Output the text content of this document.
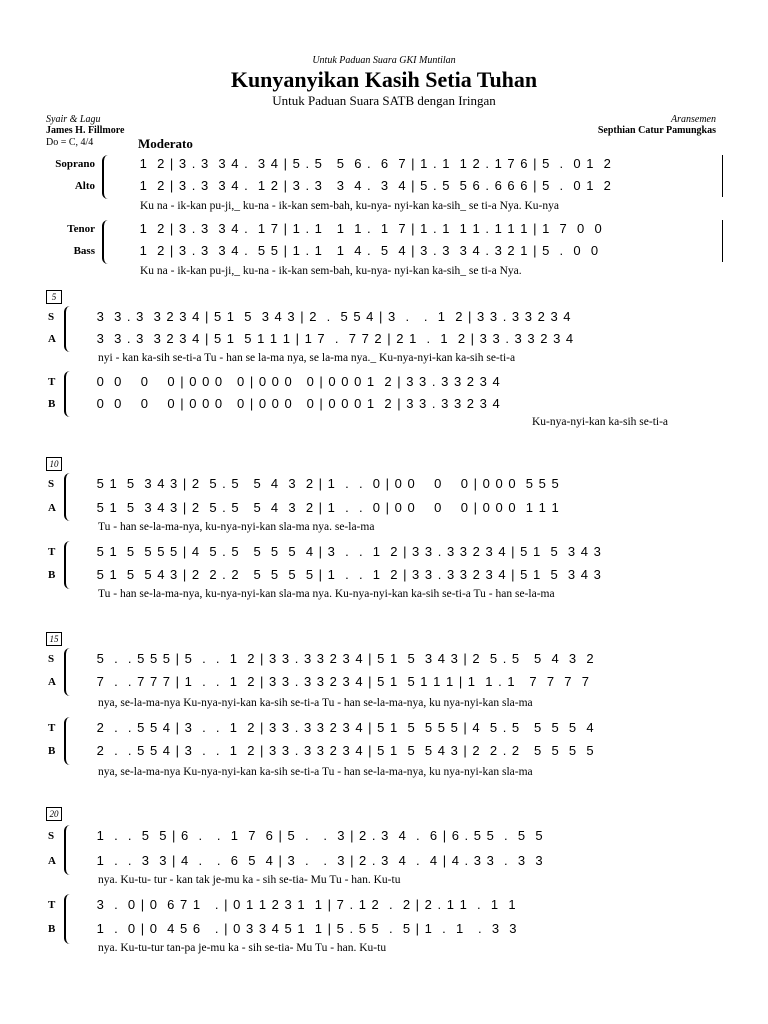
Untuk Paduan Suara GKI Muntilan
Kunyanyikan Kasih Setia Tuhan
Untuk Paduan Suara SATB dengan Iringan
Syair & Lagu
James H. Fillmore
Do = C, 4/4
Aransemen
Septhian Catur Pamungkas
Moderato
Soprano
Alto
1  2 | 3 . 3  3 4 .  3 4 | 5 . 5   5  6 .  6  7 | 1 . 1  1 2 . 1 7 6 | 5  .  0 1  2
1  2 | 3 . 3  3 4 .  1 2 | 3 . 3   3  4 .  3  4 | 5 . 5  5 6 . 6 6 6 | 5  .  0 1  2
Ku na - ik-kan pu-ji,_ ku-na - ik-kan sem-bah, ku-nya- nyi-kan ka-sih_ se ti-a Nya. Ku-nya
Tenor
Bass
1  2 | 3 . 3  3 4 .  1 7 | 1 . 1   1  1 .  1  7 | 1 . 1  1 1 . 1 1 1 | 1  7  0  0
1  2 | 3 . 3  3 4 .  5 5 | 1 . 1   1  4 .  5  4 | 3 . 3  3 4 . 3 2 1 | 5  .  0  0
Ku na - ik-kan pu-ji,_ ku-na - ik-kan sem-bah, ku-nya- nyi-kan ka-sih_ se ti-a Nya.
5
S
A
3  3 . 3  3 2 3 4 | 5 1  5  3 4 3 | 2  .  5 5 4 | 3  .   .  1  2 | 3 3 . 3 3 2 3 4
3  3 . 3  3 2 3 4 | 5 1  5 1 1 1 | 1 7  .  7 7 2 | 2 1  .  1  2 | 3 3 . 3 3 2 3 4
nyi - kan ka-sih se-ti-a Tu - han se la-ma nya, se la-ma nya._ Ku-nya-nyi-kan ka-sih se-ti-a
T
B
0  0    0    0 | 0 0 0   0 | 0 0 0   0 | 0 0 0 1  2 | 3 3 . 3 3 2 3 4
0  0    0    0 | 0 0 0   0 | 0 0 0   0 | 0 0 0 1  2 | 3 3 . 3 3 2 3 4
Ku-nya-nyi-kan ka-sih se-ti-a
10
S
A
5 1  5  3 4 3 | 2  5 . 5   5  4  3  2 | 1  .  .  0 | 0 0    0    0 | 0 0 0  5 5 5
5 1  5  3 4 3 | 2  5 . 5   5  4  3  2 | 1  .  .  0 | 0 0    0    0 | 0 0 0  1 1 1
Tu - han se-la-ma-nya, ku-nya-nyi-kan sla-ma nya. se-la-ma
T
B
5 1  5  5 5 5 | 4  5 . 5   5  5  5  4 | 3  .  .  1  2 | 3 3 . 3 3 2 3 4 | 5 1  5  3 4 3
5 1  5  5 4 3 | 2  2 . 2   5  5  5  5 | 1  .  .  1  2 | 3 3 . 3 3 2 3 4 | 5 1  5  3 4 3
Tu - han se-la-ma-nya, ku-nya-nyi-kan sla-ma nya. Ku-nya-nyi-kan ka-sih se-ti-a Tu - han se-la-ma
15
S
A
5  .  . 5 5 5 | 5  .  .  1  2 | 3 3 . 3 3 2 3 4 | 5 1  5  3 4 3 | 2  5 . 5   5  4  3  2
7  .  . 7 7 7 | 1  .  .  1  2 | 3 3 . 3 3 2 3 4 | 5 1  5 1 1 1 | 1  1 . 1   7  7  7  7
nya, se-la-ma-nya Ku-nya-nyi-kan ka-sih se-ti-a Tu - han se-la-ma-nya, ku nya-nyi-kan sla-ma
T
B
2  .  . 5 5 4 | 3  .  .  1  2 | 3 3 . 3 3 2 3 4 | 5 1  5  5 5 5 | 4  5 . 5   5  5  5  4
2  .  . 5 5 4 | 3  .  .  1  2 | 3 3 . 3 3 2 3 4 | 5 1  5  5 4 3 | 2  2 . 2   5  5  5  5
nya, se-la-ma-nya Ku-nya-nyi-kan ka-sih se-ti-a Tu - han se-la-ma-nya, ku nya-nyi-kan sla-ma
20
S
A
1  .  .  5  5 | 6  .   .  1  7  6 | 5  .   .  3 | 2 . 3  4  .  6 | 6 . 5 5  .  5  5
1  .  .  3  3 | 4  .   .  6  5  4 | 3  .   .  3 | 2 . 3  4  .  4 | 4 . 3 3  .  3  3
nya. Ku-tu- tur - kan tak je-mu ka - sih se-tia- Mu Tu - han. Ku-tu
T
B
3  .  0 | 0  6 7 1   . | 0 1 1 2 3 1  1 | 7 . 1 2  .  2 | 2 . 1 1  .  1  1
1  .  0 | 0  4 5 6   . | 0 3 3 4 5 1  1 | 5 . 5 5  .  5 | 1  .  1   .  3  3
nya. Ku-tu-tur tan-pa je-mu ka - sih se-tia- Mu Tu - han. Ku-tu
